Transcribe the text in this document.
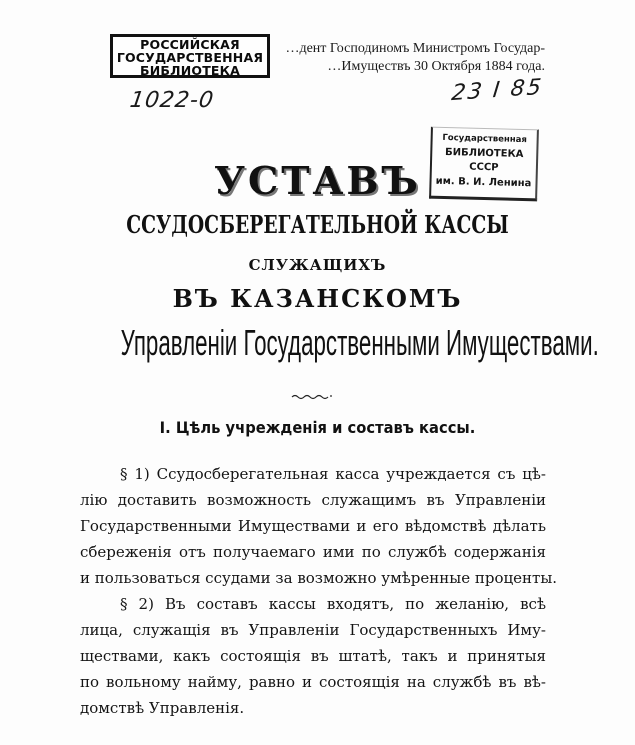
…дент Господиномъ Министромъ Государ-
…Имуществъ 30 Октября 1884 года.
РОССИЙСКАЯ
ГОСУДАРСТВЕННАЯ
БИБЛИОТЕКА
1022-0	23 I 85
Государственная
БИБЛИОТЕКА
СССР
им. В. И. Ленина
УСТАВЪ
ССУДОСБЕРЕГАТЕЛЬНОЙ КАССЫ
СЛУЖАЩИХЪ
ВЪ КАЗАНСКОМЪ
Управленіи Государственными Имуществами.
I. Цѣль учрежденія и составъ кассы.
§ 1) Ссудосберегательная касса учреждается съ цѣ-
лію доставить возможность служащимъ въ Управленіи
Государственными Имуществами и его вѣдомствѣ дѣлать
сбереженія отъ получаемаго ими по службѣ содержанія
и пользоваться ссудами за возможно умѣренные проценты.
§ 2) Въ составъ кассы входятъ, по желанію, всѣ
лица, служащія въ Управленіи Государственныхъ Иму-
ществами, какъ состоящія въ штатѣ, такъ и принятыя
по вольному найму, равно и состоящія на службѣ въ вѣ-
домствѣ Управленія.
